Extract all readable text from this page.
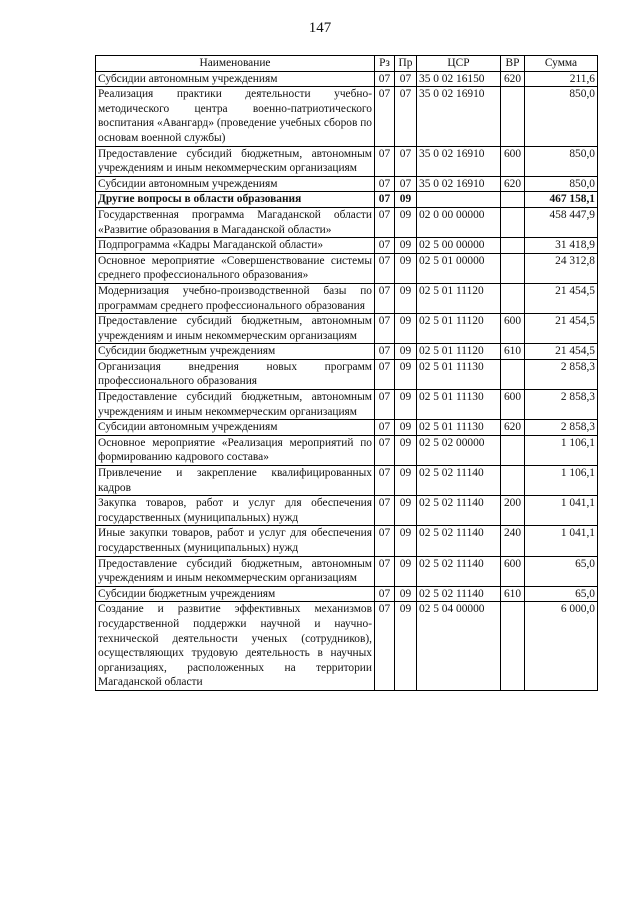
147
Наименование	Рз	Пр	ЦСР	ВР	Сумма
Субсидии автономным учреждениям	07	07	35 0 02 16150	620	211,6
Реализация практики деятельности учебно-методического центра военно-патриотического воспитания «Авангард» (проведение учебных сборов по основам военной службы)	07	07	35 0 02 16910		850,0
Предоставление субсидий бюджетным, автономным учреждениям и иным некоммерческим организациям	07	07	35 0 02 16910	600	850,0
Субсидии автономным учреждениям	07	07	35 0 02 16910	620	850,0
Другие вопросы в области образования	07	09			467 158,1
Государственная программа Магаданской области «Развитие образования в Магаданской области»	07	09	02 0 00 00000		458 447,9
Подпрограмма «Кадры Магаданской области»	07	09	02 5 00 00000		31 418,9
Основное мероприятие «Совершенствование системы среднего профессионального образования»	07	09	02 5 01 00000		24 312,8
Модернизация учебно-производственной базы по программам среднего профессионального образования	07	09	02 5 01 11120		21 454,5
Предоставление субсидий бюджетным, автономным учреждениям и иным некоммерческим организациям	07	09	02 5 01 11120	600	21 454,5
Субсидии бюджетным учреждениям	07	09	02 5 01 11120	610	21 454,5
Организация внедрения новых программ профессионального образования	07	09	02 5 01 11130		2 858,3
Предоставление субсидий бюджетным, автономным учреждениям и иным некоммерческим организациям	07	09	02 5 01 11130	600	2 858,3
Субсидии автономным учреждениям	07	09	02 5 01 11130	620	2 858,3
Основное мероприятие «Реализация мероприятий по формированию кадрового состава»	07	09	02 5 02 00000		1 106,1
Привлечение и закрепление квалифицированных кадров	07	09	02 5 02 11140		1 106,1
Закупка товаров, работ и услуг для обеспечения государственных (муниципальных) нужд	07	09	02 5 02 11140	200	1 041,1
Иные закупки товаров, работ и услуг для обеспечения государственных (муниципальных) нужд	07	09	02 5 02 11140	240	1 041,1
Предоставление субсидий бюджетным, автономным учреждениям и иным некоммерческим организациям	07	09	02 5 02 11140	600	65,0
Субсидии бюджетным учреждениям	07	09	02 5 02 11140	610	65,0
Создание и развитие эффективных механизмов государственной поддержки научной и научно-технической деятельности ученых (сотрудников), осуществляющих трудовую деятельность в научных организациях, расположенных на территории Магаданской области	07	09	02 5 04 00000		6 000,0
